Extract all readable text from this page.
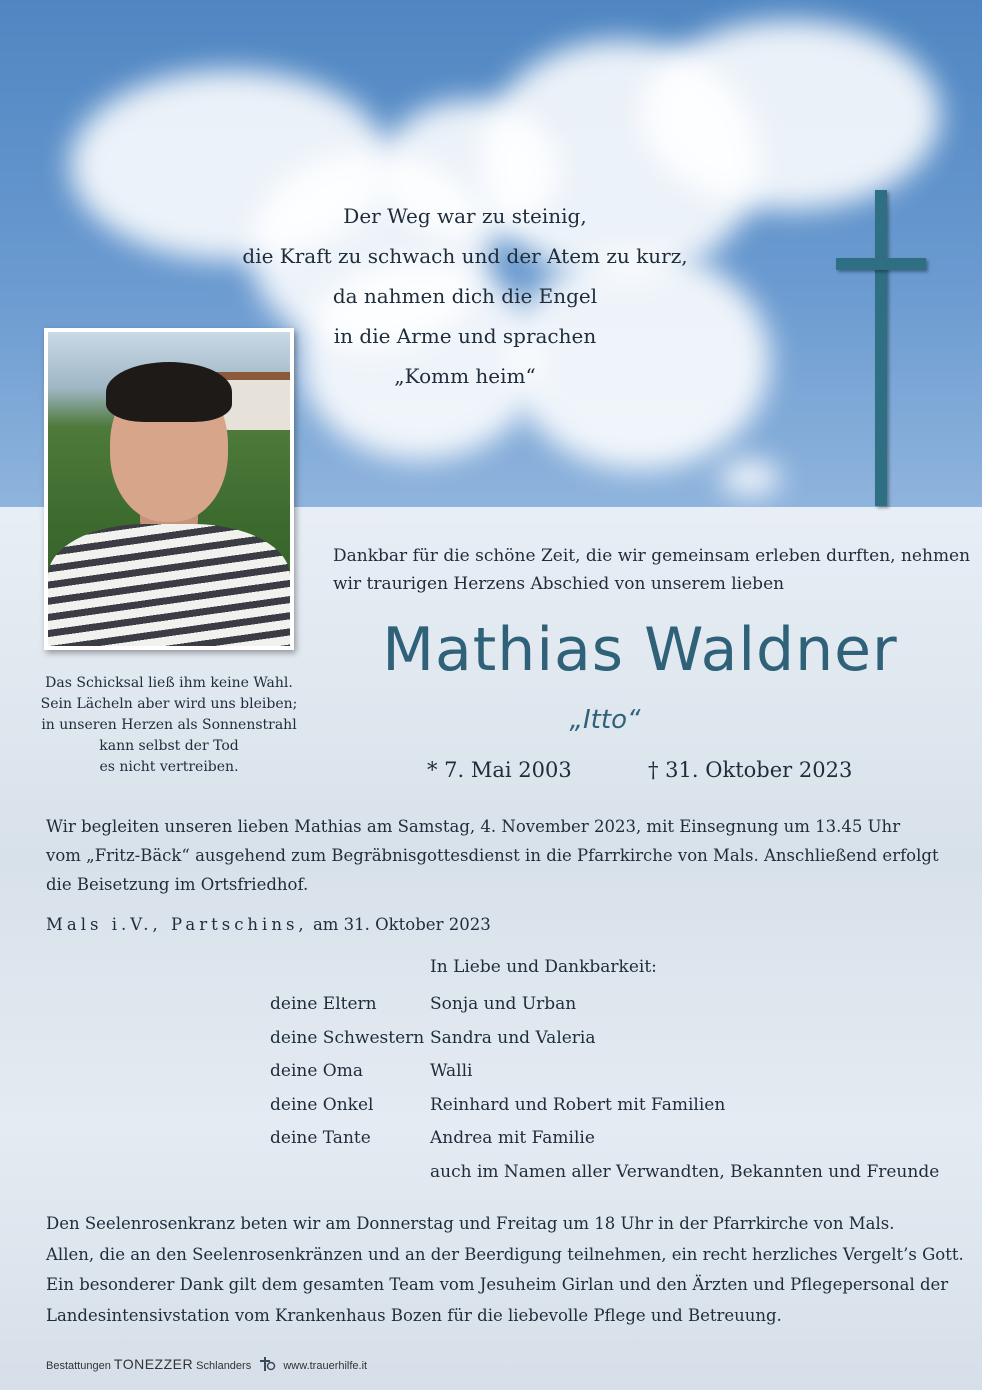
Der Weg war zu steinig,
die Kraft zu schwach und der Atem zu kurz,
da nahmen dich die Engel
in die Arme und sprachen
„Komm heim“
Das Schicksal ließ ihm keine Wahl.
Sein Lächeln aber wird uns bleiben;
in unseren Herzen als Sonnenstrahl
kann selbst der Tod
es nicht vertreiben.
Dankbar für die schöne Zeit, die wir gemeinsam erleben durften, nehmen
wir traurigen Herzens Abschied von unserem lieben
Mathias Waldner
„Itto“
* 7. Mai 2003	† 31. Oktober 2023
Wir begleiten unseren lieben Mathias am Samstag, 4. November 2023, mit Einsegnung um 13.45 Uhr
vom „Fritz-Bäck“ ausgehend zum Begräbnisgottesdienst in die Pfarrkirche von Mals. Anschließend erfolgt
die Beisetzung im Ortsfriedhof.
Mals i.V., Partschins, am 31. Oktober 2023
In Liebe und Dankbarkeit:
deine Eltern	Sonja und Urban
deine Schwestern Sandra und Valeria
deine Oma	Walli
deine Onkel	Reinhard und Robert mit Familien
deine Tante	Andrea mit Familie
auch im Namen aller Verwandten, Bekannten und Freunde
Den Seelenrosenkranz beten wir am Donnerstag und Freitag um 18 Uhr in der Pfarrkirche von Mals.
Allen, die an den Seelenrosenkränzen und an der Beerdigung teilnehmen, ein recht herzliches Vergelt’s Gott.
Ein besonderer Dank gilt dem gesamten Team vom Jesuheim Girlan und den Ärzten und Pflegepersonal der
Landesintensivstation vom Krankenhaus Bozen für die liebevolle Pflege und Betreuung.
Bestattungen TONEZZER Schlanders	www.trauerhilfe.it
